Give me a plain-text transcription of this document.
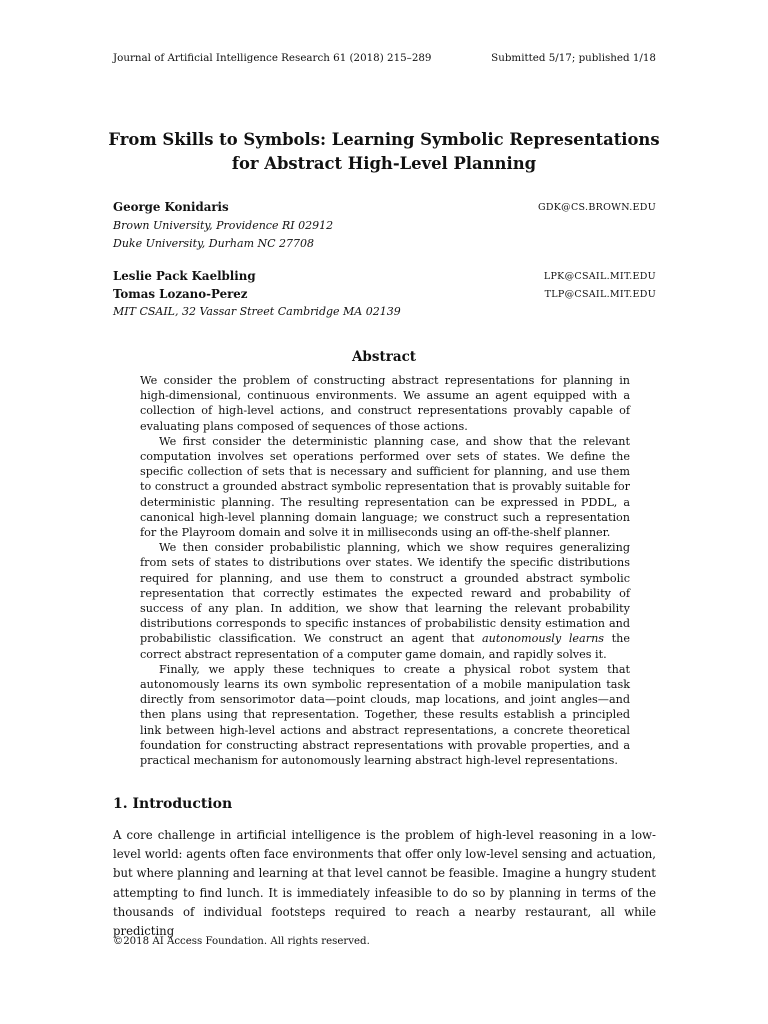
Journal of Artificial Intelligence Research 61 (2018) 215–289	Submitted 5/17; published 1/18
From Skills to Symbols: Learning Symbolic Representations for Abstract High-Level Planning
George Konidaris	GDK@CS.BROWN.EDU
Brown University, Providence RI 02912
Duke University, Durham NC 27708
Leslie Pack Kaelbling	LPK@CSAIL.MIT.EDU
Tomas Lozano-Perez	TLP@CSAIL.MIT.EDU
MIT CSAIL, 32 Vassar Street Cambridge MA 02139
Abstract

We consider the problem of constructing abstract representations for planning in high-dimensional, continuous environments. We assume an agent equipped with a collection of high-level actions, and construct representations provably capable of evaluating plans composed of sequences of those actions.

We first consider the deterministic planning case, and show that the relevant computation involves set operations performed over sets of states. We define the specific collection of sets that is necessary and sufficient for planning, and use them to construct a grounded abstract symbolic representation that is provably suitable for deterministic planning. The resulting representation can be expressed in PDDL, a canonical high-level planning domain language; we construct such a representation for the Playroom domain and solve it in milliseconds using an off-the-shelf planner.

We then consider probabilistic planning, which we show requires generalizing from sets of states to distributions over states. We identify the specific distributions required for planning, and use them to construct a grounded abstract symbolic representation that correctly estimates the expected reward and probability of success of any plan. In addition, we show that learning the relevant probability distributions corresponds to specific instances of probabilistic density estimation and probabilistic classification. We construct an agent that autonomously learns the correct abstract representation of a computer game domain, and rapidly solves it.

Finally, we apply these techniques to create a physical robot system that autonomously learns its own symbolic representation of a mobile manipulation task directly from sensorimotor data—point clouds, map locations, and joint angles—and then plans using that representation. Together, these results establish a principled link between high-level actions and abstract representations, a concrete theoretical foundation for constructing abstract representations with provable properties, and a practical mechanism for autonomously learning abstract high-level representations.

1. Introduction

A core challenge in artificial intelligence is the problem of high-level reasoning in a low-level world: agents often face environments that offer only low-level sensing and actuation, but where planning and learning at that level cannot be feasible. Imagine a hungry student attempting to find lunch. It is immediately infeasible to do so by planning in terms of the thousands of individual footsteps required to reach a nearby restaurant, all while predicting

©2018 AI Access Foundation. All rights reserved.
